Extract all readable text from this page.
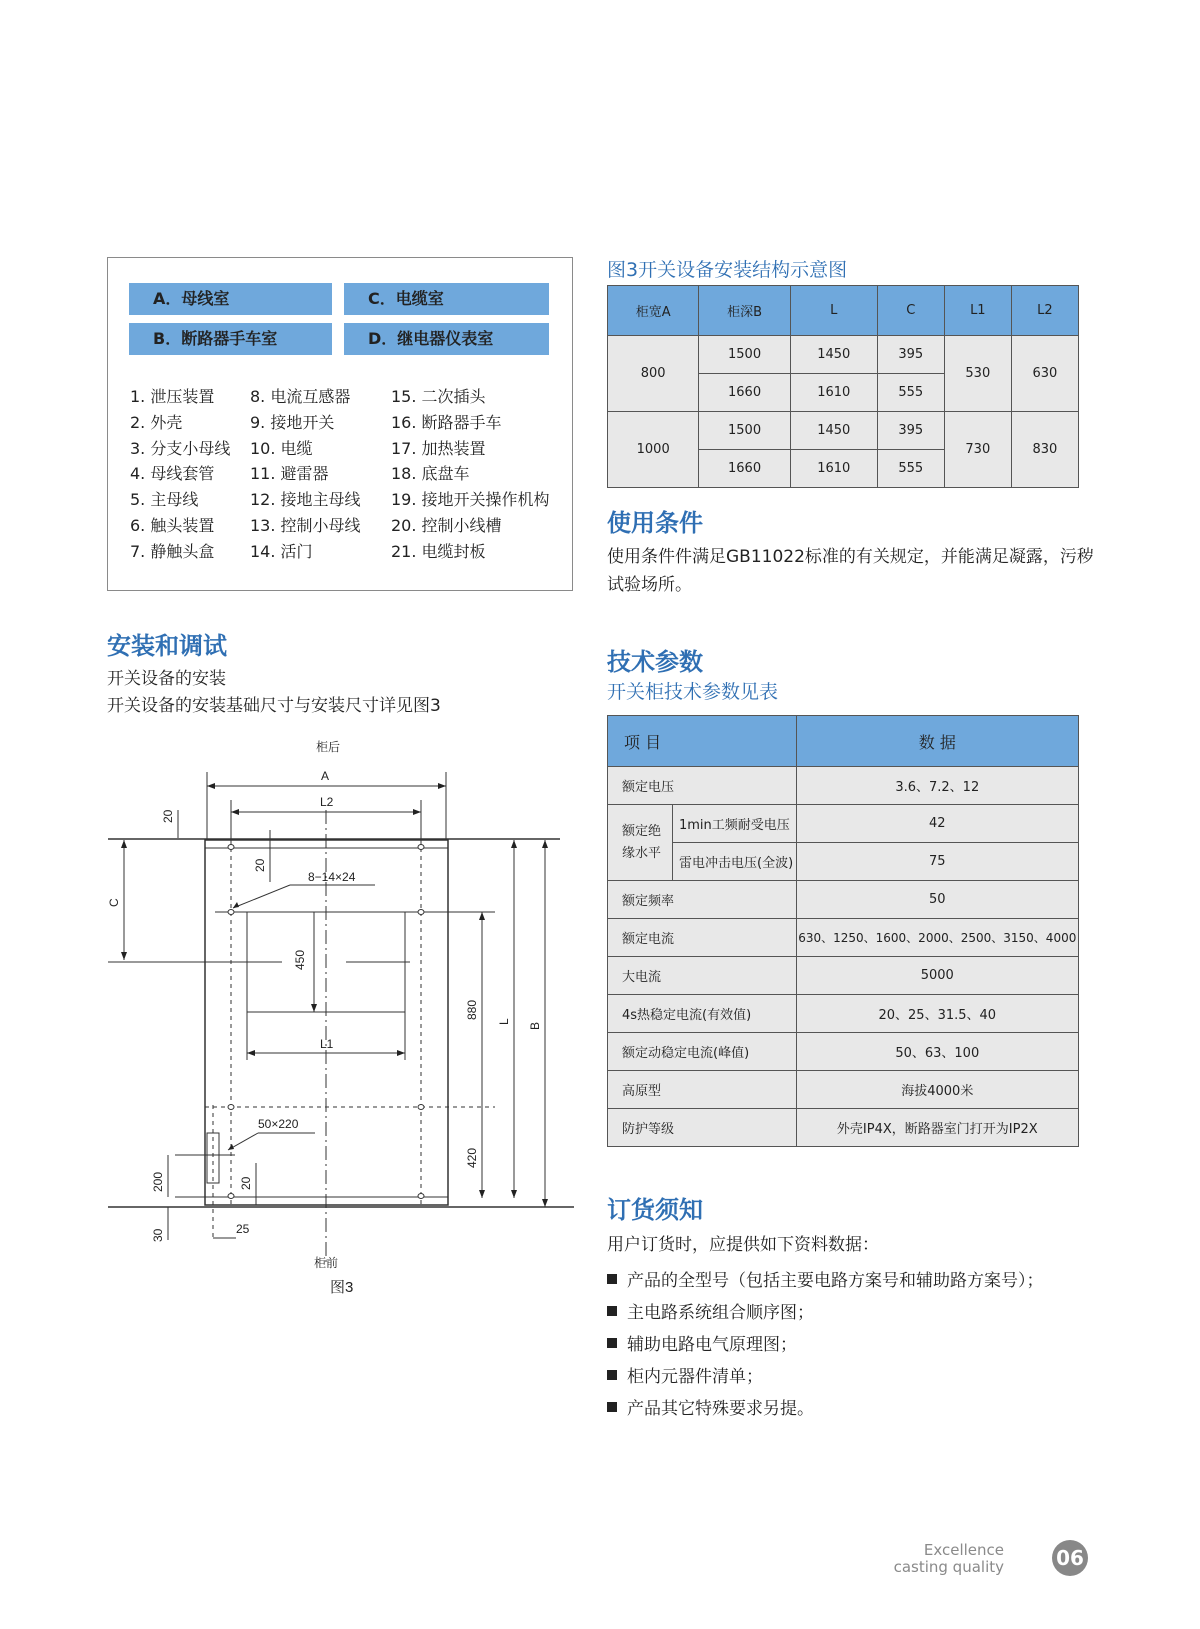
A．母线室	C．电缆室
B．断路器手车室	D．继电器仪表室
1. 泄压装置
2. 外壳
3. 分支小母线
4. 母线套管
5. 主母线
6. 触头装置
7. 静触头盒
8. 电流互感器
9. 接地开关
10. 电缆
11. 避雷器
12. 接地主母线
13. 控制小母线
14. 活门
15. 二次插头
16. 断路器手车
17. 加热装置
18. 底盘车
19. 接地开关操作机构
20. 控制小线槽
21. 电缆封板
安装和调试
开关设备的安装
开关设备的安装基础尺寸与安装尺寸详见图3
柜后
A
L2
8−14×24
L1
50×220
25
柜前
图3
20
20
C
450
880
L
B
420
200	20
30
图3开关设备安装结构示意图
柜宽A	柜深B	L	C	L1	L2
800	1500	1450	395	530	630
	1660	1610	555		
1000	1500	1450	395	730	830
	1660	1610	555		
使用条件
使用条件件满足GB11022标准的有关规定，并能满足凝露，污秽
试验场所。
技术参数
开关柜技术参数见表
项 目		数 据
额定电压		3.6、7.2、12
额定绝缘水平	1min工频耐受电压	42
	雷电冲击电压(全波)	75
额定频率		50
额定电流		630、1250、1600、2000、2500、3150、4000
大电流		5000
4s热稳定电流(有效值)		20、25、31.5、40
额定动稳定电流(峰值)		50、63、100
高原型		海拔4000米
防护等级		外壳IP4X，断路器室门打开为IP2X
订货须知
用户订货时，应提供如下资料数据：
产品的全型号（包括主要电路方案号和辅助路方案号）；
主电路系统组合顺序图；
辅助电路电气原理图；
柜内元器件清单；
产品其它特殊要求另提。
Excellence
casting quality	06
